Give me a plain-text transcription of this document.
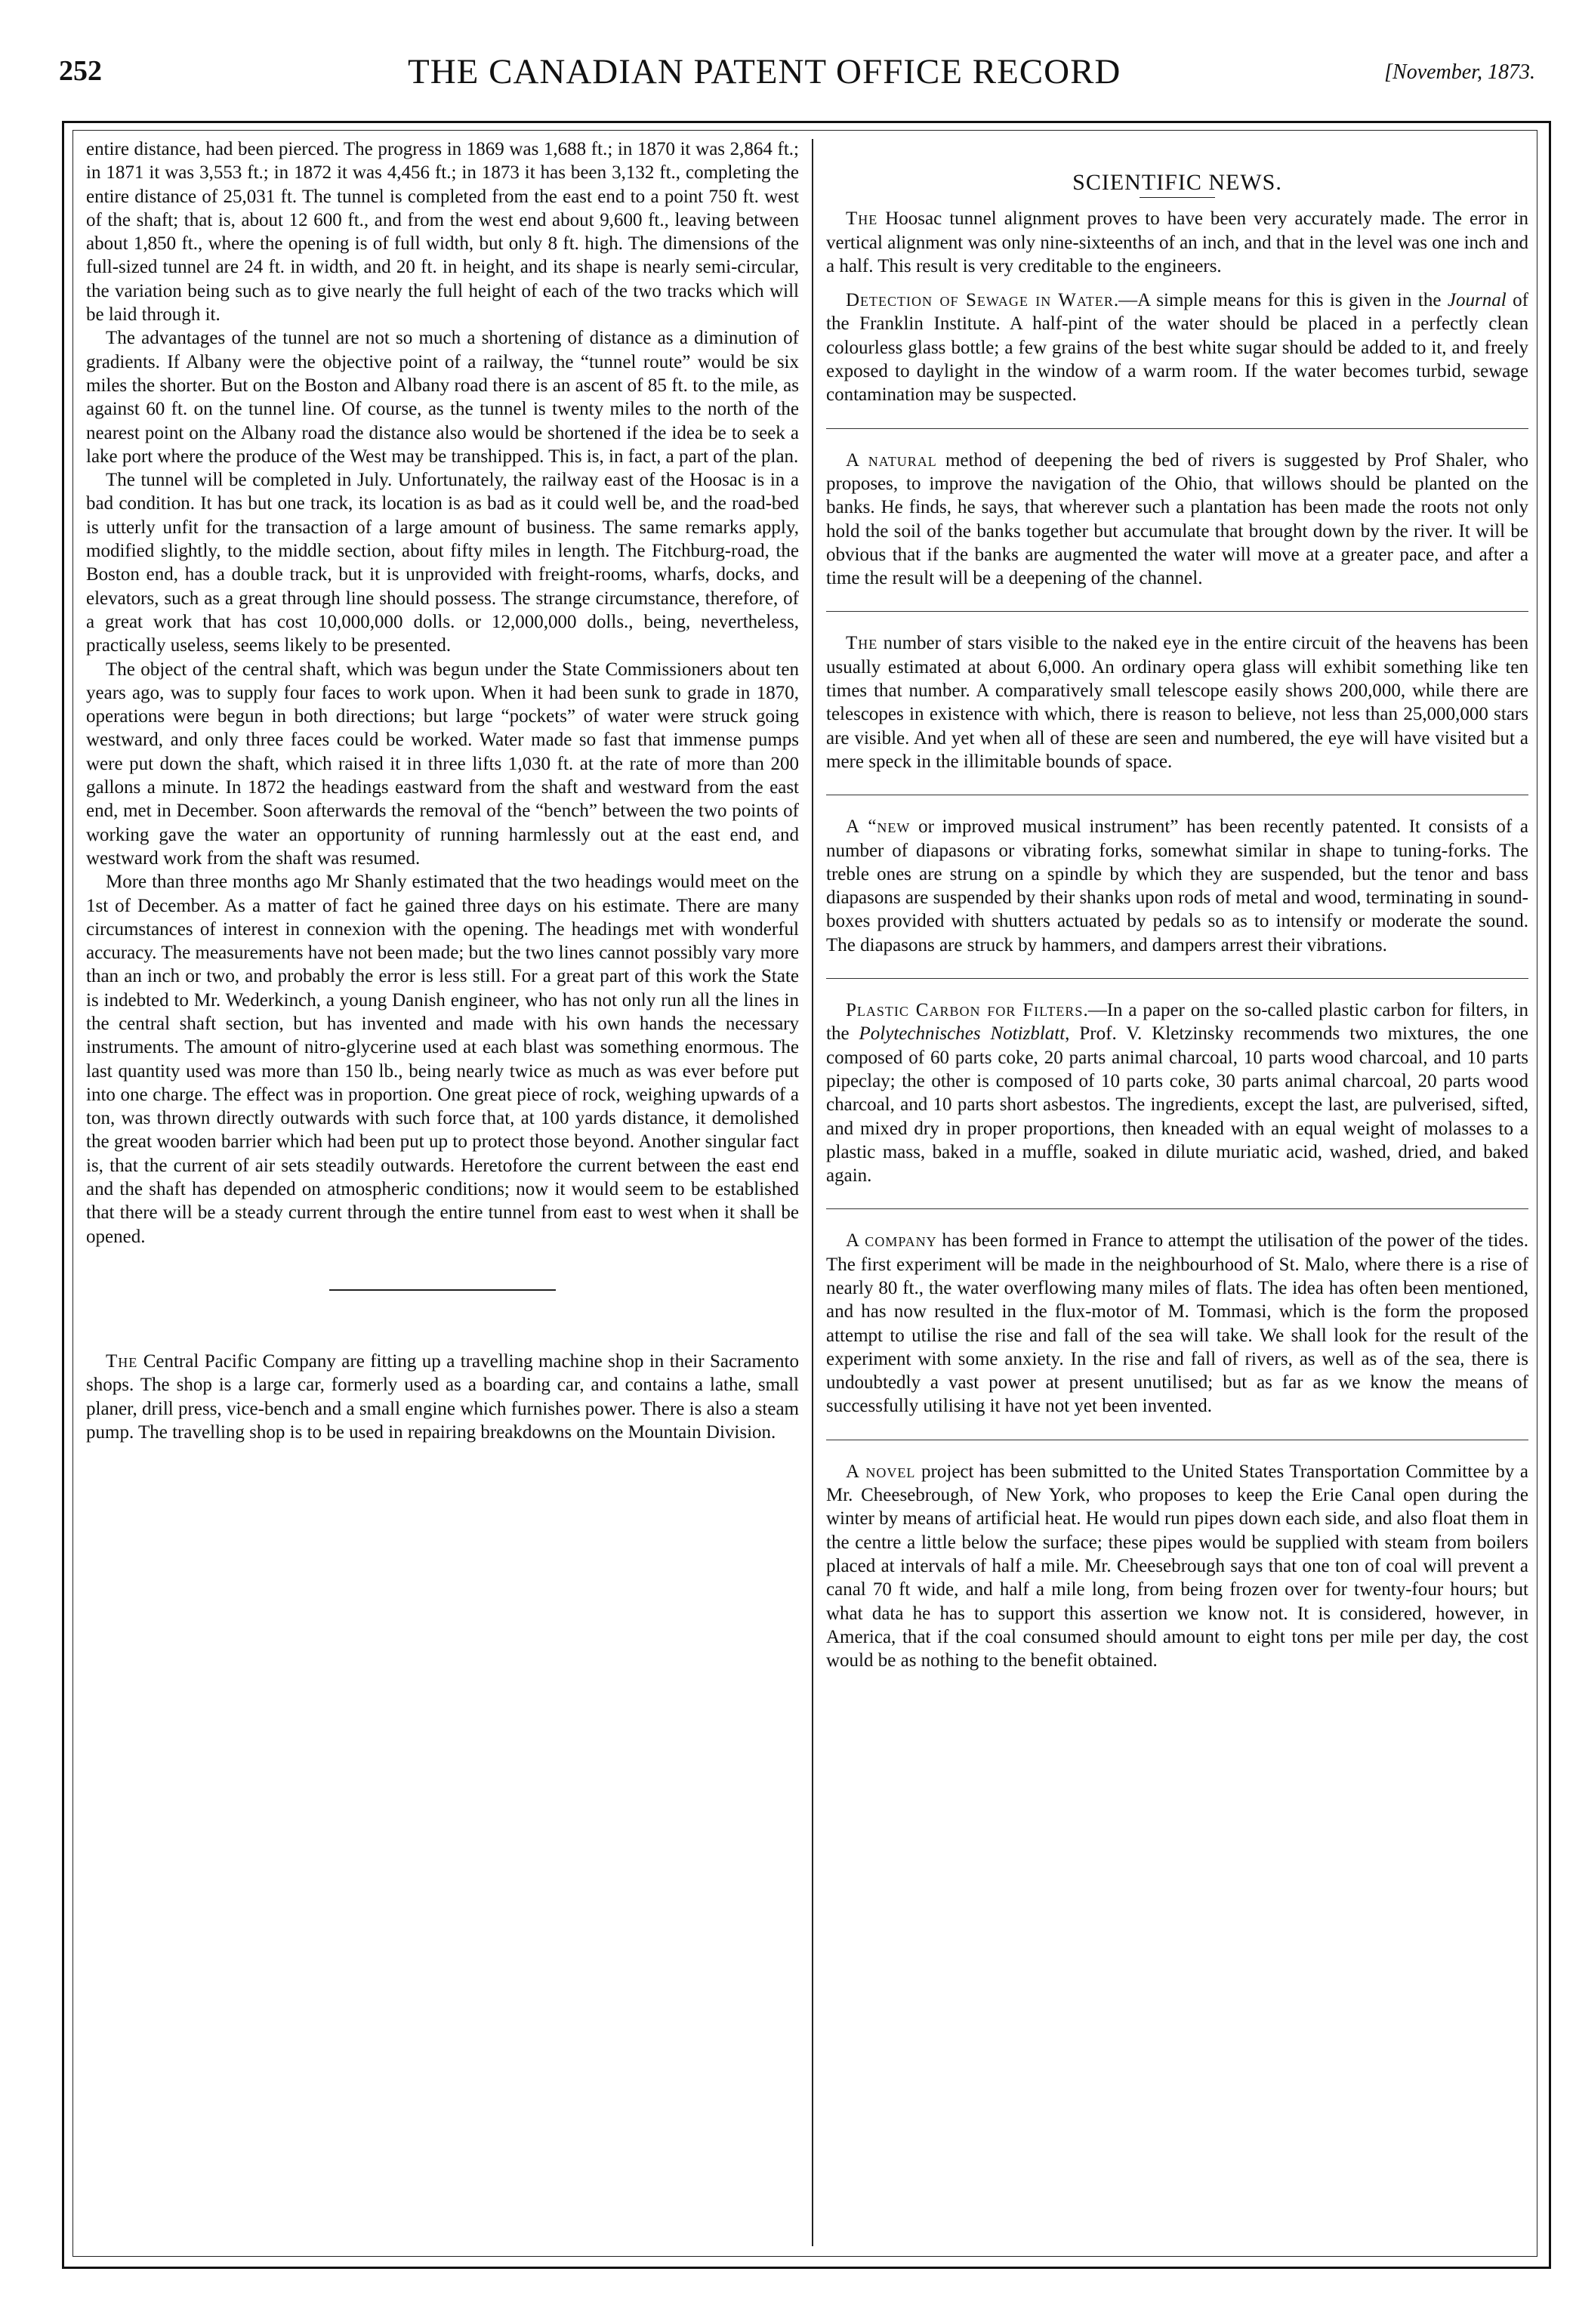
252	THE CANADIAN PATENT OFFICE RECORD	[November, 1873.

entire distance, had been pierced. The progress in 1869 was 1,688 ft.; in 1870 it was 2,864 ft.; in 1871 it was 3,553 ft.; in 1872 it was 4,456 ft.; in 1873 it has been 3,132 ft., completing the entire distance of 25,031 ft. The tunnel is completed from the east end to a point 750 ft. west of the shaft; that is, about 12 600 ft., and from the west end about 9,600 ft., leaving between about 1,850 ft., where the opening is of full width, but only 8 ft. high. The dimensions of the full-sized tunnel are 24 ft. in width, and 20 ft. in height, and its shape is nearly semi-circular, the variation being such as to give nearly the full height of each of the two tracks which will be laid through it.

The advantages of the tunnel are not so much a shortening of distance as a diminution of gradients. If Albany were the objective point of a railway, the “tunnel route” would be six miles the shorter. But on the Boston and Albany road there is an ascent of 85 ft. to the mile, as against 60 ft. on the tunnel line. Of course, as the tunnel is twenty miles to the north of the nearest point on the Albany road the distance also would be shortened if the idea be to seek a lake port where the produce of the West may be transhipped. This is, in fact, a part of the plan.

The tunnel will be completed in July. Unfortunately, the railway east of the Hoosac is in a bad condition. It has but one track, its location is as bad as it could well be, and the road-bed is utterly unfit for the transaction of a large amount of business. The same remarks apply, modified slightly, to the middle section, about fifty miles in length. The Fitchburg-road, the Boston end, has a double track, but it is unprovided with freight-rooms, wharfs, docks, and elevators, such as a great through line should possess. The strange circumstance, therefore, of a great work that has cost 10,000,000 dolls. or 12,000,000 dolls., being, nevertheless, practically useless, seems likely to be presented.

The object of the central shaft, which was begun under the State Commissioners about ten years ago, was to supply four faces to work upon. When it had been sunk to grade in 1870, operations were begun in both directions; but large “pockets” of water were struck going westward, and only three faces could be worked. Water made so fast that immense pumps were put down the shaft, which raised it in three lifts 1,030 ft. at the rate of more than 200 gallons a minute. In 1872 the headings eastward from the shaft and westward from the east end, met in December. Soon afterwards the removal of the “bench” between the two points of working gave the water an opportunity of running harmlessly out at the east end, and westward work from the shaft was resumed.

More than three months ago Mr Shanly estimated that the two headings would meet on the 1st of December. As a matter of fact he gained three days on his estimate. There are many circumstances of interest in connexion with the opening. The headings met with wonderful accuracy. The measurements have not been made; but the two lines cannot possibly vary more than an inch or two, and probably the error is less still. For a great part of this work the State is indebted to Mr. Wederkinch, a young Danish engineer, who has not only run all the lines in the central shaft section, but has invented and made with his own hands the necessary instruments. The amount of nitro-glycerine used at each blast was something enormous. The last quantity used was more than 150 lb., being nearly twice as much as was ever before put into one charge. The effect was in proportion. One great piece of rock, weighing upwards of a ton, was thrown directly outwards with such force that, at 100 yards distance, it demolished the great wooden barrier which had been put up to protect those beyond. Another singular fact is, that the current of air sets steadily outwards. Heretofore the current between the east end and the shaft has depended on atmospheric conditions; now it would seem to be established that there will be a steady current through the entire tunnel from east to west when it shall be opened.

The Central Pacific Company are fitting up a travelling machine shop in their Sacramento shops. The shop is a large car, formerly used as a boarding car, and contains a lathe, small planer, drill press, vice-bench and a small engine which furnishes power. There is also a steam pump. The travelling shop is to be used in repairing breakdowns on the Mountain Division.

SCIENTIFIC NEWS.

The Hoosac tunnel alignment proves to have been very accurately made. The error in vertical alignment was only nine-sixteenths of an inch, and that in the level was one inch and a half. This result is very creditable to the engineers.

Detection of Sewage in Water.—A simple means for this is given in the Journal of the Franklin Institute. A half-pint of the water should be placed in a perfectly clean colourless glass bottle; a few grains of the best white sugar should be added to it, and freely exposed to daylight in the window of a warm room. If the water becomes turbid, sewage contamination may be suspected.

A natural method of deepening the bed of rivers is suggested by Prof Shaler, who proposes, to improve the navigation of the Ohio, that willows should be planted on the banks. He finds, he says, that wherever such a plantation has been made the roots not only hold the soil of the banks together but accumulate that brought down by the river. It will be obvious that if the banks are augmented the water will move at a greater pace, and after a time the result will be a deepening of the channel.

The number of stars visible to the naked eye in the entire circuit of the heavens has been usually estimated at about 6,000. An ordinary opera glass will exhibit something like ten times that number. A comparatively small telescope easily shows 200,000, while there are telescopes in existence with which, there is reason to believe, not less than 25,000,000 stars are visible. And yet when all of these are seen and numbered, the eye will have visited but a mere speck in the illimitable bounds of space.

A “new or improved musical instrument” has been recently patented. It consists of a number of diapasons or vibrating forks, somewhat similar in shape to tuning-forks. The treble ones are strung on a spindle by which they are suspended, but the tenor and bass diapasons are suspended by their shanks upon rods of metal and wood, terminating in sound-boxes provided with shutters actuated by pedals so as to intensify or moderate the sound. The diapasons are struck by hammers, and dampers arrest their vibrations.

Plastic Carbon for Filters.—In a paper on the so-called plastic carbon for filters, in the Polytechnisches Notizblatt, Prof. V. Kletzinsky recommends two mixtures, the one composed of 60 parts coke, 20 parts animal charcoal, 10 parts wood charcoal, and 10 parts pipeclay; the other is composed of 10 parts coke, 30 parts animal charcoal, 20 parts wood charcoal, and 10 parts short asbestos. The ingredients, except the last, are pulverised, sifted, and mixed dry in proper proportions, then kneaded with an equal weight of molasses to a plastic mass, baked in a muffle, soaked in dilute muriatic acid, washed, dried, and baked again.

A company has been formed in France to attempt the utilisation of the power of the tides. The first experiment will be made in the neighbourhood of St. Malo, where there is a rise of nearly 80 ft., the water overflowing many miles of flats. The idea has often been mentioned, and has now resulted in the flux-motor of M. Tommasi, which is the form the proposed attempt to utilise the rise and fall of the sea will take. We shall look for the result of the experiment with some anxiety. In the rise and fall of rivers, as well as of the sea, there is undoubtedly a vast power at present unutilised; but as far as we know the means of successfully utilising it have not yet been invented.

A novel project has been submitted to the United States Transportation Committee by a Mr. Cheesebrough, of New York, who proposes to keep the Erie Canal open during the winter by means of artificial heat. He would run pipes down each side, and also float them in the centre a little below the surface; these pipes would be supplied with steam from boilers placed at intervals of half a mile. Mr. Cheesebrough says that one ton of coal will prevent a canal 70 ft wide, and half a mile long, from being frozen over for twenty-four hours; but what data he has to support this assertion we know not. It is considered, however, in America, that if the coal consumed should amount to eight tons per mile per day, the cost would be as nothing to the benefit obtained.
